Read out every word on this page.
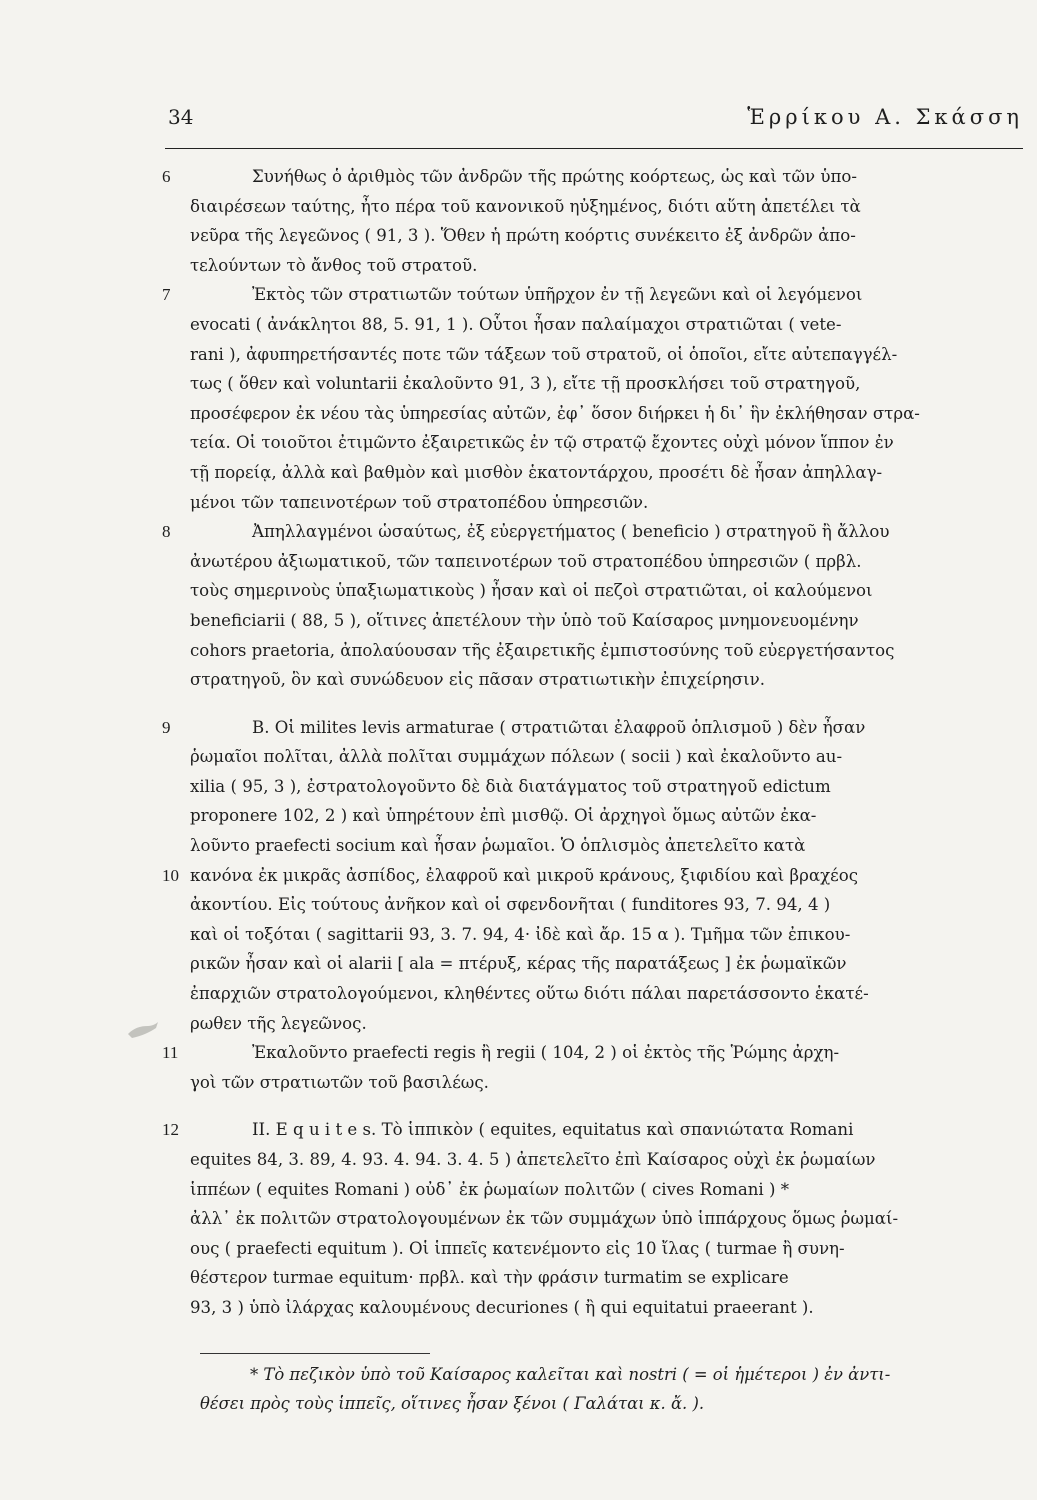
34	Ἑρρίκου Α. Σκάσση
6	Συνήθως ὁ ἀριθμὸς τῶν ἀνδρῶν τῆς πρώτης κοόρτεως, ὡς καὶ τῶν ὑπο-
διαιρέσεων ταύτης, ἦτο πέρα τοῦ κανονικοῦ ηὐξημένος, διότι αὕτη ἀπετέλει τὰ
νεῦρα τῆς λεγεῶνος ( 91, 3 ). Ὅθεν ἡ πρώτη κοόρτις συνέκειτο ἐξ ἀνδρῶν ἀπο-
τελούντων τὸ ἄνθος τοῦ στρατοῦ.
7	Ἐκτὸς τῶν στρατιωτῶν τούτων ὑπῆρχον ἐν τῇ λεγεῶνι καὶ οἱ λεγόμενοι
evocati ( ἀνάκλητοι 88, 5. 91, 1 ). Οὗτοι ἦσαν παλαίμαχοι στρατιῶται ( vete-
rani ), ἀφυπηρετήσαντές ποτε τῶν τάξεων τοῦ στρατοῦ, οἱ ὁποῖοι, εἴτε αὐτεπαγγέλ-
τως ( ὅθεν καὶ voluntarii ἐκαλοῦντο 91, 3 ), εἴτε τῇ προσκλήσει τοῦ στρατηγοῦ,
προσέφερον ἐκ νέου τὰς ὑπηρεσίας αὐτῶν, ἐφ᾽ ὅσον διήρκει ἡ δι᾽ ἣν ἐκλήθησαν στρα-
τεία. Οἱ τοιοῦτοι ἐτιμῶντο ἐξαιρετικῶς ἐν τῷ στρατῷ ἔχοντες οὐχὶ μόνον ἵππον ἐν
τῇ πορείᾳ, ἀλλὰ καὶ βαθμὸν καὶ μισθὸν ἑκατοντάρχου, προσέτι δὲ ἦσαν ἀπηλλαγ-
μένοι τῶν ταπεινοτέρων τοῦ στρατοπέδου ὑπηρεσιῶν.
8	Ἀπηλλαγμένοι ὡσαύτως, ἐξ εὐεργετήματος ( beneficio ) στρατηγοῦ ἢ ἄλλου
ἀνωτέρου ἀξιωματικοῦ, τῶν ταπεινοτέρων τοῦ στρατοπέδου ὑπηρεσιῶν ( πρβλ.
τοὺς σημερινοὺς ὑπαξιωματικοὺς ) ἦσαν καὶ οἱ πεζοὶ στρατιῶται, οἱ καλούμενοι
beneficiarii ( 88, 5 ), οἵτινες ἀπετέλουν τὴν ὑπὸ τοῦ Καίσαρος μνημονευομένην
cohors praetoria, ἀπολαύουσαν τῆς ἐξαιρετικῆς ἐμπιστοσύνης τοῦ εὐεργετήσαντος
στρατηγοῦ, ὃν καὶ συνώδευον εἰς πᾶσαν στρατιωτικὴν ἐπιχείρησιν.
9
10
B. Οἱ milites levis armaturae ( στρατιῶται ἐλαφροῦ ὁπλισμοῦ ) δὲν ἦσαν
ῥωμαῖοι πολῖται, ἀλλὰ πολῖται συμμάχων πόλεων ( socii ) καὶ ἐκαλοῦντο au-
xilia ( 95, 3 ), ἐστρατολογοῦντο δὲ διὰ διατάγματος τοῦ στρατηγοῦ edictum
proponere 102, 2 ) καὶ ὑπηρέτουν ἐπὶ μισθῷ. Οἱ ἀρχηγοὶ ὅμως αὐτῶν ἐκα-
λοῦντο praefecti socium καὶ ἦσαν ῥωμαῖοι. Ὁ ὁπλισμὸς ἀπετελεῖτο κατὰ
κανόνα ἐκ μικρᾶς ἀσπίδος, ἐλαφροῦ καὶ μικροῦ κράνους, ξιφιδίου καὶ βραχέος
ἀκοντίου. Εἰς τούτους ἀνῆκον καὶ οἱ σφενδονῆται ( funditores 93, 7. 94, 4 )
καὶ οἱ τοξόται ( sagittarii 93, 3. 7. 94, 4· ἰδὲ καὶ ἄρ. 15 α ). Τμῆμα τῶν ἐπικου-
ρικῶν ἦσαν καὶ οἱ alarii [ ala = πτέρυξ, κέρας τῆς παρατάξεως ] ἐκ ῥωμαϊκῶν
ἐπαρχιῶν στρατολογούμενοι, κληθέντες οὕτω διότι πάλαι παρετάσσοντο ἑκατέ-
ρωθεν τῆς λεγεῶνος.
11	Ἐκαλοῦντο praefecti regis ἢ regii ( 104, 2 ) οἱ ἐκτὸς τῆς Ῥώμης ἀρχη-
γοὶ τῶν στρατιωτῶν τοῦ βασιλέως.
12	II. E q u i t e s. Τὸ ἱππικὸν ( equites, equitatus καὶ σπανιώτατα Romani
equites 84, 3. 89, 4. 93. 4. 94. 3. 4. 5 ) ἀπετελεῖτο ἐπὶ Καίσαρος οὐχὶ ἐκ ῥωμαίων
ἱππέων ( equites Romani ) οὐδ᾽ ἐκ ῥωμαίων πολιτῶν ( cives Romani ) *
ἀλλ᾽ ἐκ πολιτῶν στρατολογουμένων ἐκ τῶν συμμάχων ὑπὸ ἱππάρχους ὅμως ῥωμαί-
ους ( praefecti equitum ). Οἱ ἱππεῖς κατενέμοντο εἰς 10 ἴλας ( turmae ἢ συνη-
θέστερον turmae equitum· πρβλ. καὶ τὴν φράσιν turmatim se explicare
93, 3 ) ὑπὸ ἰλάρχας καλουμένους decuriones ( ἢ qui equitatui praeerant ).
* Τὸ πεζικὸν ὑπὸ τοῦ Καίσαρος καλεῖται καὶ nostri ( = οἱ ἡμέτεροι ) ἐν ἀντι-
θέσει πρὸς τοὺς ἱππεῖς, οἵτινες ἦσαν ξένοι ( Γαλάται κ. ἄ. ).
